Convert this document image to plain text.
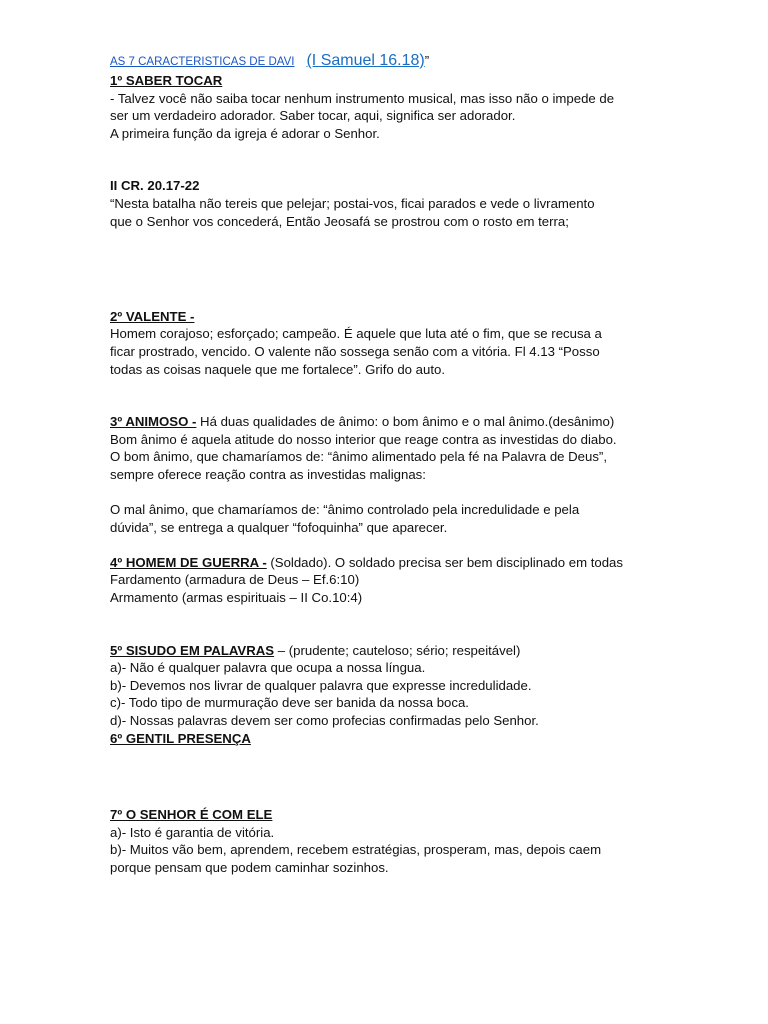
AS 7 CARACTERISTICAS DE DAVI (I Samuel 16.18) ”
1º SABER TOCAR
- Talvez você não saiba tocar nenhum instrumento musical, mas isso não o impede de
ser um verdadeiro adorador. Saber tocar, aqui, significa ser adorador.
A primeira função da igreja é adorar o Senhor.
II CR. 20.17-22
“Nesta batalha não tereis que pelejar; postai-vos, ficai parados e vede o livramento
que o Senhor vos concederá, Então Jeosafá se prostrou com o rosto em terra;
2º VALENTE -
Homem corajoso; esforçado; campeão. É aquele que luta até o fim, que se recusa a
ficar prostrado, vencido. O valente não sossega senão com a vitória. Fl 4.13 “Posso
todas as coisas naquele que me fortalece”. Grifo do auto.
3º ANIMOSO - Há duas qualidades de ânimo: o bom ânimo e o mal ânimo.(desânimo)
Bom ânimo é aquela atitude do nosso interior que reage contra as investidas do diabo.
O bom ânimo, que chamaríamos de: “ânimo alimentado pela fé na Palavra de Deus”,
sempre oferece reação contra as investidas malignas:
O mal ânimo, que chamaríamos de: “ânimo controlado pela incredulidade e pela
dúvida”, se entrega a qualquer “fofoquinha” que aparecer.
4º HOMEM DE GUERRA - (Soldado). O soldado precisa ser bem disciplinado em todas
Fardamento (armadura de Deus – Ef.6:10)
Armamento (armas espirituais – II Co.10:4)
5º SISUDO EM PALAVRAS – (prudente; cauteloso; sério; respeitável)
a)- Não é qualquer palavra que ocupa a nossa língua.
b)- Devemos nos livrar de qualquer palavra que expresse incredulidade.
c)- Todo tipo de murmuração deve ser banida da nossa boca.
d)- Nossas palavras devem ser como profecias confirmadas pelo Senhor.
6º GENTIL PRESENÇA
7º O SENHOR É COM ELE
a)- Isto é garantia de vitória.
b)- Muitos vão bem, aprendem, recebem estratégias, prosperam, mas, depois caem
porque pensam que podem caminhar sozinhos.
